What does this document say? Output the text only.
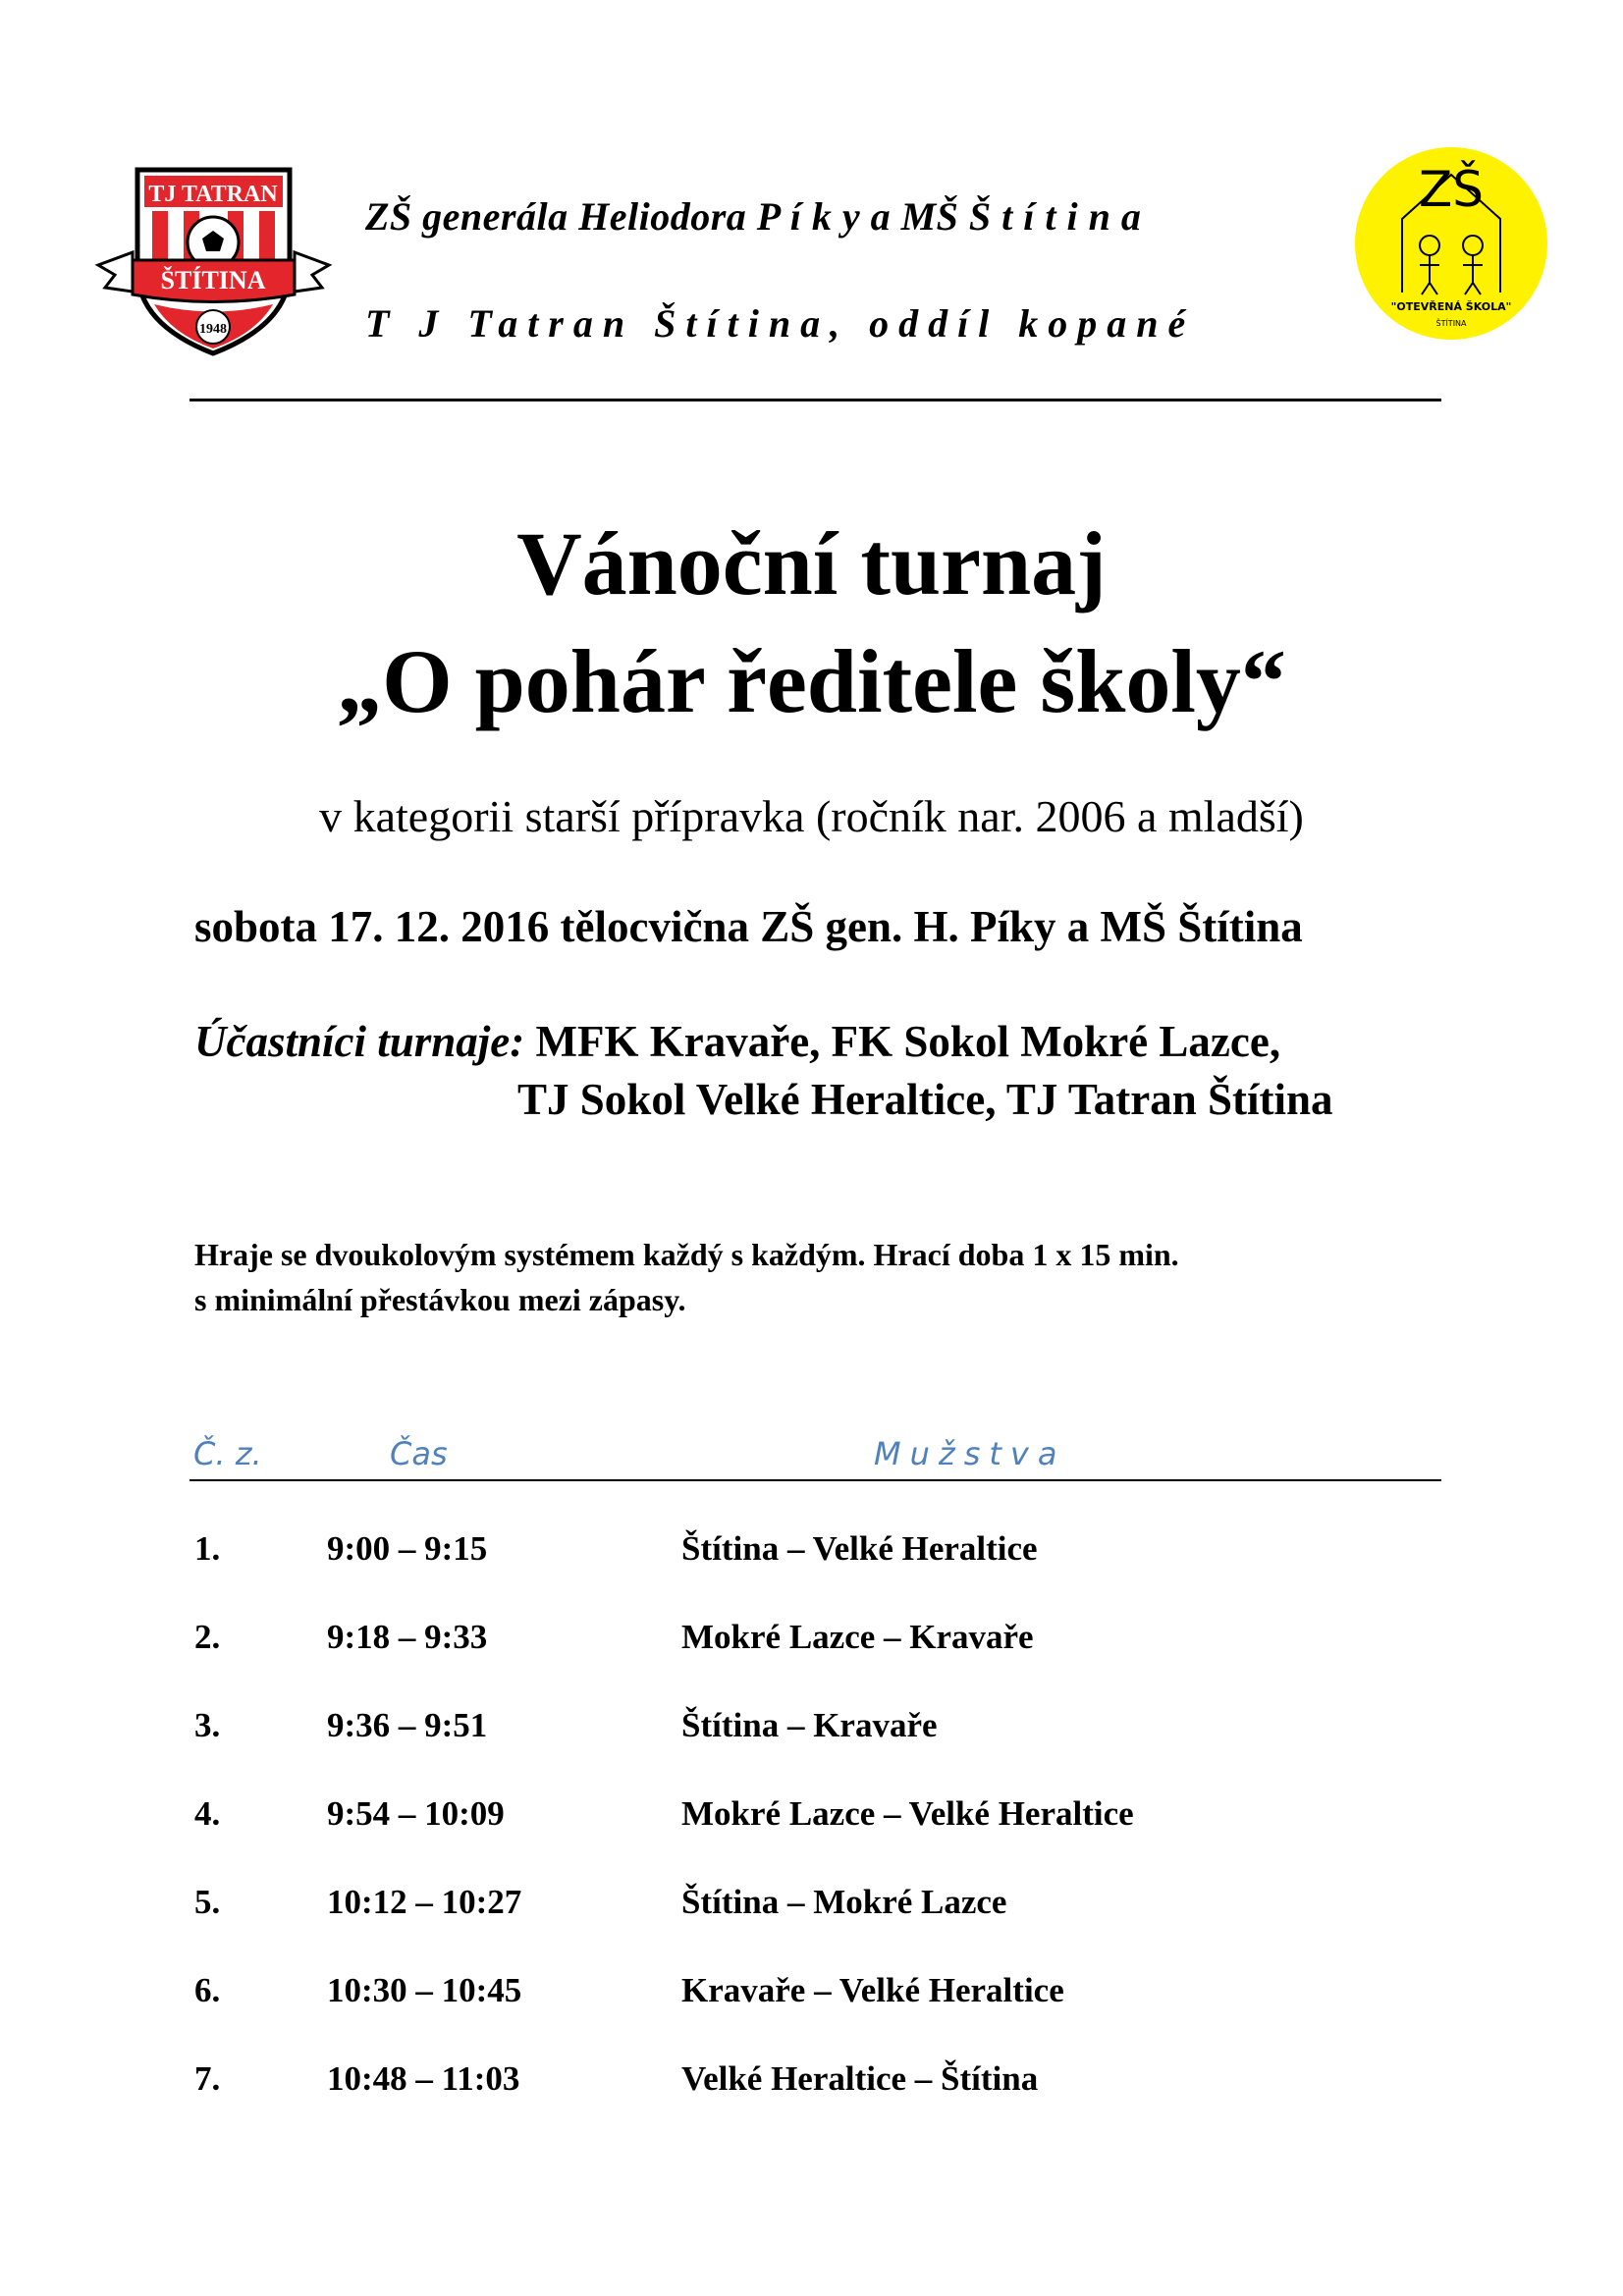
TJ TATRAN
ŠTÍTINA
1948
ZŠ
"OTEVŘENÁ ŠKOLA"
ŠTÍTINA
ZŠ generála Heliodora P í k y a MŠ Š t í t i n a
T J Tatran Štítina, oddíl kopané
Vánoční turnaj
„O pohár ředitele školy“
v kategorii starší přípravka (ročník nar. 2006 a mladší)
sobota 17. 12. 2016 tělocvična ZŠ gen. H. Píky a MŠ Štítina
Účastníci turnaje: MFK Kravaře, FK Sokol Mokré Lazce,
TJ Sokol Velké Heraltice, TJ Tatran Štítina
Hraje se dvoukolovým systémem každý s každým. Hrací doba 1 x 15 min.
s minimální přestávkou mezi zápasy.
Č. z.	Čas	Mužstva
1.	9:00 – 9:15	Štítina – Velké Heraltice
2.	9:18 – 9:33	Mokré Lazce – Kravaře
3.	9:36 – 9:51	Štítina – Kravaře
4.	9:54 – 10:09	Mokré Lazce – Velké Heraltice
5.	10:12 – 10:27	Štítina – Mokré Lazce
6.	10:30 – 10:45	Kravaře – Velké Heraltice
7.	10:48 – 11:03	Velké Heraltice – Štítina
